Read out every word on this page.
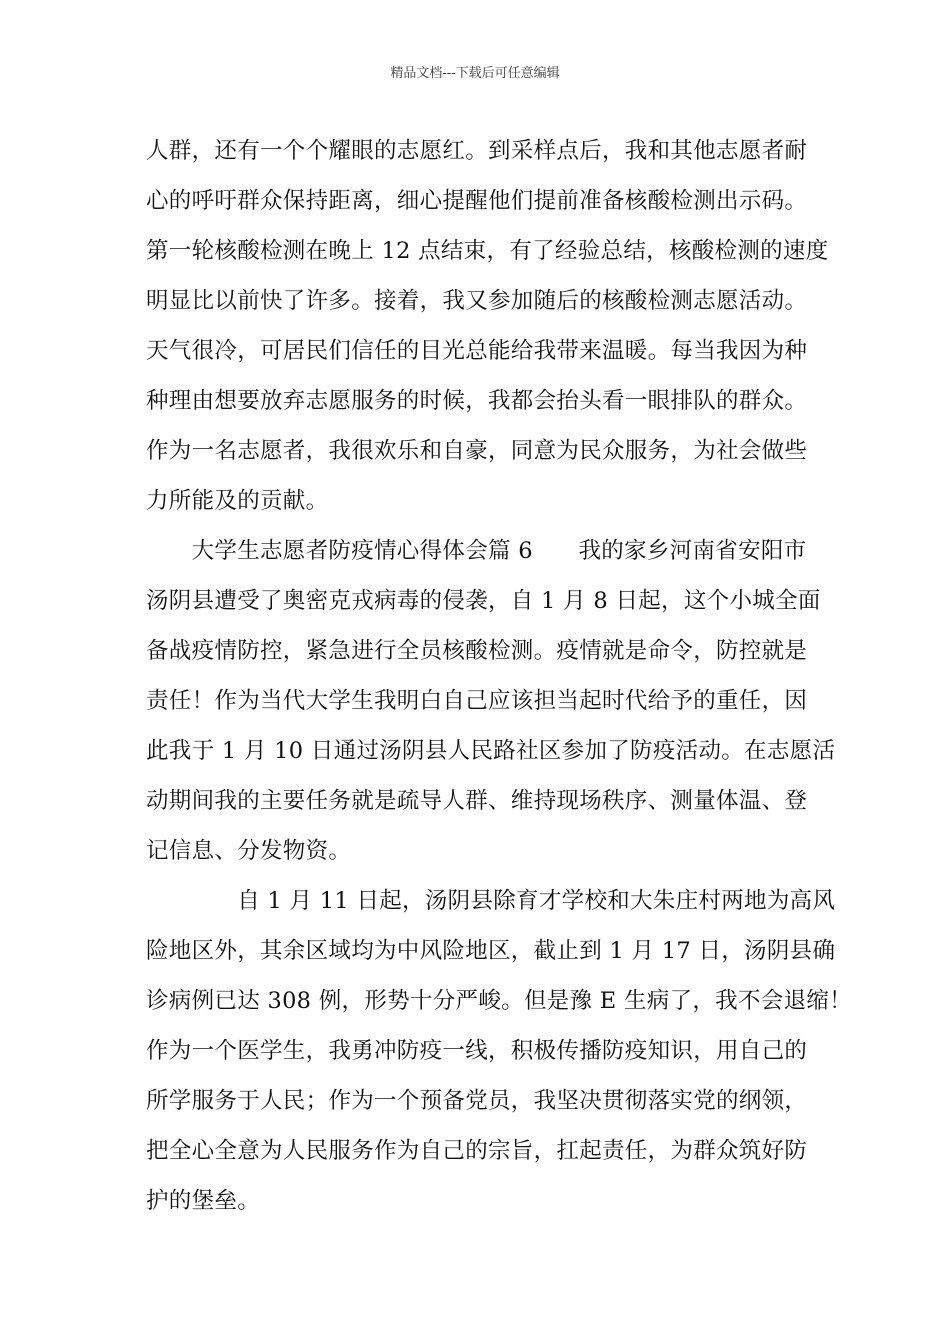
精品文档---下载后可任意编辑
人群，还有一个个耀眼的志愿红。到采样点后，我和其他志愿者耐
心的呼吁群众保持距离，细心提醒他们提前准备核酸检测出示码。
第一轮核酸检测在晚上 12 点结束，有了经验总结，核酸检测的速度
明显比以前快了许多。接着，我又参加随后的核酸检测志愿活动。
天气很冷，可居民们信任的目光总能给我带来温暖。每当我因为种
种理由想要放弃志愿服务的时候，我都会抬头看一眼排队的群众。
作为一名志愿者，我很欢乐和自豪，同意为民众服务，为社会做些
力所能及的贡献。
　　大学生志愿者防疫情心得体会篇 6　　我的家乡河南省安阳市
汤阴县遭受了奥密克戎病毒的侵袭，自 1 月 8 日起，这个小城全面
备战疫情防控，紧急进行全员核酸检测。疫情就是命令，防控就是
责任！作为当代大学生我明白自己应该担当起时代给予的重任，因
此我于 1 月 10 日通过汤阴县人民路社区参加了防疫活动。在志愿活
动期间我的主要任务就是疏导人群、维持现场秩序、测量体温、登
记信息、分发物资。
　　　　自 1 月 11 日起，汤阴县除育才学校和大朱庄村两地为高风
险地区外，其余区域均为中风险地区，截止到 1 月 17 日，汤阴县确
诊病例已达 308 例，形势十分严峻。但是豫 E 生病了，我不会退缩！
作为一个医学生，我勇冲防疫一线，积极传播防疫知识，用自己的
所学服务于人民；作为一个预备党员，我坚决贯彻落实党的纲领，
把全心全意为人民服务作为自己的宗旨，扛起责任，为群众筑好防
护的堡垒。
